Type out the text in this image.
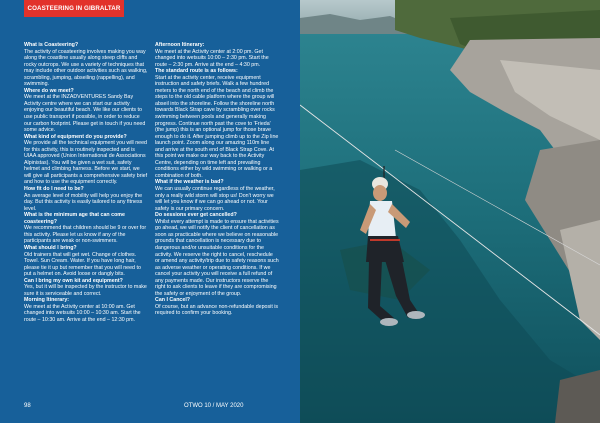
COASTEERING IN GIBRALTAR

What is Coasteering?

The activity of coasteering involves making you way along the coastline usually along steep cliffs and rocky outcrops. We use a variety of techniques that may include other outdoor activities such as walking, scrambling, jumping, abseiling (rappelling), and swimming.

Where do we meet?

We meet at the INZADVENTURES Sandy Bay Activity centre where we can start our activity enjoying our beautiful beach. We like our clients to use public transport if possible, in order to reduce our carbon footprint. Please get in touch if you need some advice.

What kind of equipment do you provide?

We provide all the technical equipment you will need for this activity, this is routinely inspected and is UIAA approved (Union International de Associations Alpinistas). You will be given a wet suit, safety helmet and climbing harness. Before we start, we will give all participants a comprehensive safety brief and how to use the equipment correctly.

How fit do I need to be?

An average level of mobility will help you enjoy the day. But this activity is easily tailored to any fitness level.

What is the minimum age that can come coasteering?

We recommend that children should be 9 or over for this activity. Please let us know if any of the participants are weak or non-swimmers.

What should I bring?

Old trainers that will get wet. Change of clothes. Towel. Sun Cream. Water. If you have long hair, please tie it up but remember that you will need to put a helmet on. Avoid loose or dangly bits.

Can I bring my own kit and equipment?

Yes, but it will be inspected by the instructor to make sure it is serviceable and correct.

Morning Itinerary:

We meet at the Activity center at 10:00 am. Get changed into wetsuits 10:00 – 10:30 am. Start the route – 10:30 am. Arrive at the end – 12:30 pm.

Afternoon Itinerary:

We meet at the Activity center at 2:00 pm. Get changed into wetsuits 10:00 – 2:30 pm. Start the route – 2:30 pm. Arrive at the end – 4:30 pm.

The standard route is as follows:

Start at the activity center, receive equipment instruction and safety briefs. Walk a few hundred meters to the north end of the beach and climb the steps to the old cable platform where the group will abseil into the shoreline. Follow the shoreline north towards Black Strap cave by scrambling over rocks swimming between pools and generally making progress. Continue north past the cove to 'Frieda' (the jump) this is an optional jump for those brave enough to do it. After jumping climb up to the Zip line launch point. Zoom along our amazing 110m line and arrive at the south end of Black Strap Cove. At this point we make our way back to the Activity Centre, depending on time left and prevailing conditions either by wild swimming or walking or a combination of both.

What if the weather is bad?

We can usually continue regardless of the weather, only a really wild storm will stop us! Don't worry we will let you know if we can go ahead or not. Your safety is our primary concern.

Do sessions ever get cancelled?

Whilst every attempt is made to ensure that activities go ahead, we will notify the client of cancellation as soon as practicable where we believe on reasonable grounds that cancellation is necessary due to dangerous and/or unsuitable conditions for the activity. We reserve the right to cancel, reschedule or amend any activity/trip due to safety reasons such as adverse weather or operating conditions. If we cancel your activity you will receive a full refund of any payments made. Our instructors reserve the right to ask clients to leave if they are compromising the safety or enjoyment of the group.

Can I Cancel?

Of course, but an advance non-refundable deposit is required to confirm your booking.

98	OTWO 10 / MAY 2020
